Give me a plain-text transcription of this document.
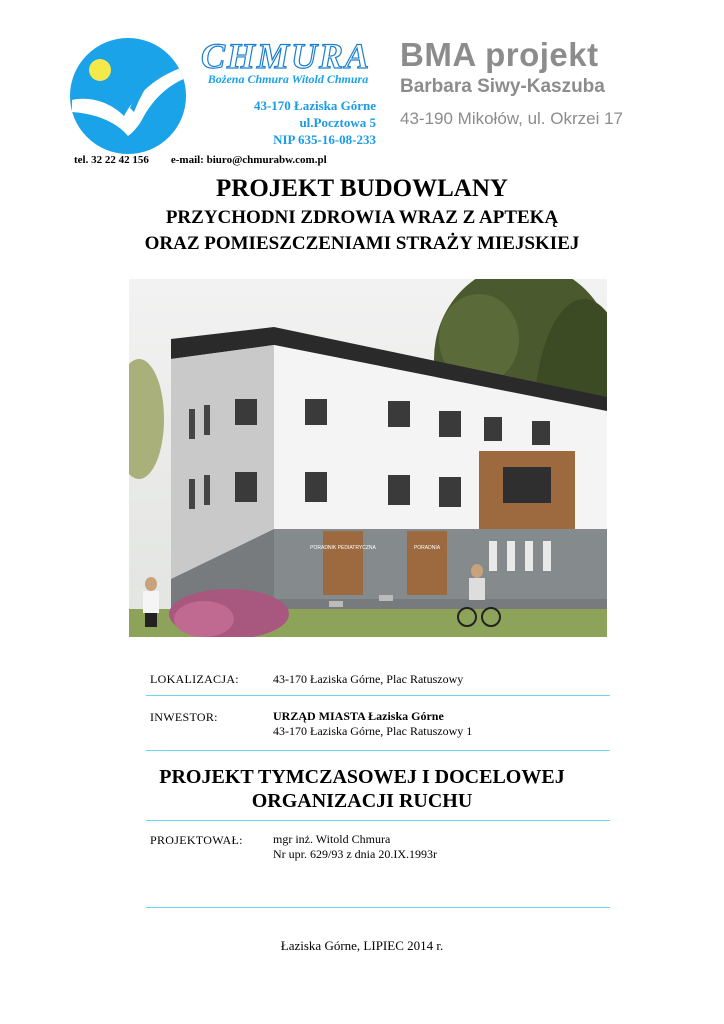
CHMURA
Bożena Chmura Witold Chmura
43-170 Łaziska Górne
ul.Pocztowa 5
NIP 635-16-08-233
tel. 32 22 42 156 e-mail: biuro@chmurabw.com.pl
BMA projekt
Barbara Siwy-Kaszuba
43-190 Mikołów, ul. Okrzei 17
PROJEKT BUDOWLANY
PRZYCHODNI ZDROWIA WRAZ Z APTEKĄ
ORAZ POMIESZCZENIAMI STRAŻY MIEJSKIEJ
PORADNIK PEDIATRYCZNA	PORADNIA
LOKALIZACJA:	43-170 Łaziska Górne, Plac Ratuszowy
INWESTOR:	URZĄD MIASTA Łaziska Górne
43-170 Łaziska Górne, Plac Ratuszowy 1
PROJEKT TYMCZASOWEJ I DOCELOWEJ
ORGANIZACJI RUCHU
PROJEKTOWAŁ:	mgr inż. Witold Chmura
Nr upr. 629/93 z dnia 20.IX.1993r
Łaziska Górne, LIPIEC 2014 r.
